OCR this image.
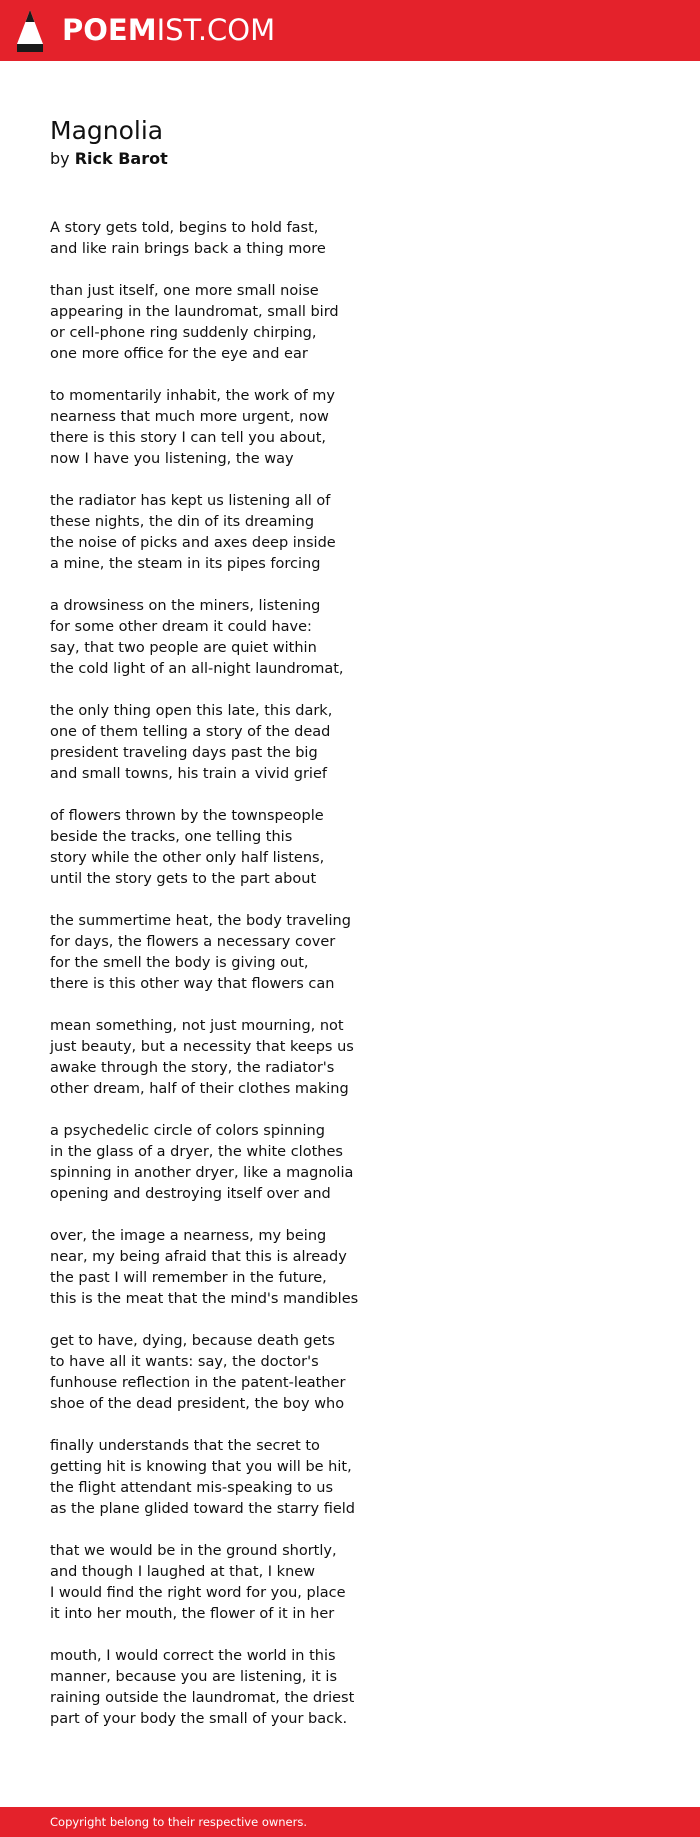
POEMIST.COM
Magnolia
by Rick Barot
A story gets told, begins to hold fast,
and like rain brings back a thing more
than just itself, one more small noise
appearing in the laundromat, small bird
or cell-phone ring suddenly chirping,
one more office for the eye and ear
to momentarily inhabit, the work of my
nearness that much more urgent, now
there is this story I can tell you about,
now I have you listening, the way
the radiator has kept us listening all of
these nights, the din of its dreaming
the noise of picks and axes deep inside
a mine, the steam in its pipes forcing
a drowsiness on the miners, listening
for some other dream it could have:
say, that two people are quiet within
the cold light of an all-night laundromat,
the only thing open this late, this dark,
one of them telling a story of the dead
president traveling days past the big
and small towns, his train a vivid grief
of flowers thrown by the townspeople
beside the tracks, one telling this
story while the other only half listens,
until the story gets to the part about
the summertime heat, the body traveling
for days, the flowers a necessary cover
for the smell the body is giving out,
there is this other way that flowers can
mean something, not just mourning, not
just beauty, but a necessity that keeps us
awake through the story, the radiator's
other dream, half of their clothes making
a psychedelic circle of colors spinning
in the glass of a dryer, the white clothes
spinning in another dryer, like a magnolia
opening and destroying itself over and
over, the image a nearness, my being
near, my being afraid that this is already
the past I will remember in the future,
this is the meat that the mind's mandibles
get to have, dying, because death gets
to have all it wants: say, the doctor's
funhouse reflection in the patent-leather
shoe of the dead president, the boy who
finally understands that the secret to
getting hit is knowing that you will be hit,
the flight attendant mis-speaking to us
as the plane glided toward the starry field
that we would be in the ground shortly,
and though I laughed at that, I knew
I would find the right word for you, place
it into her mouth, the flower of it in her
mouth, I would correct the world in this
manner, because you are listening, it is
raining outside the laundromat, the driest
part of your body the small of your back.
Copyright belong to their respective owners.
